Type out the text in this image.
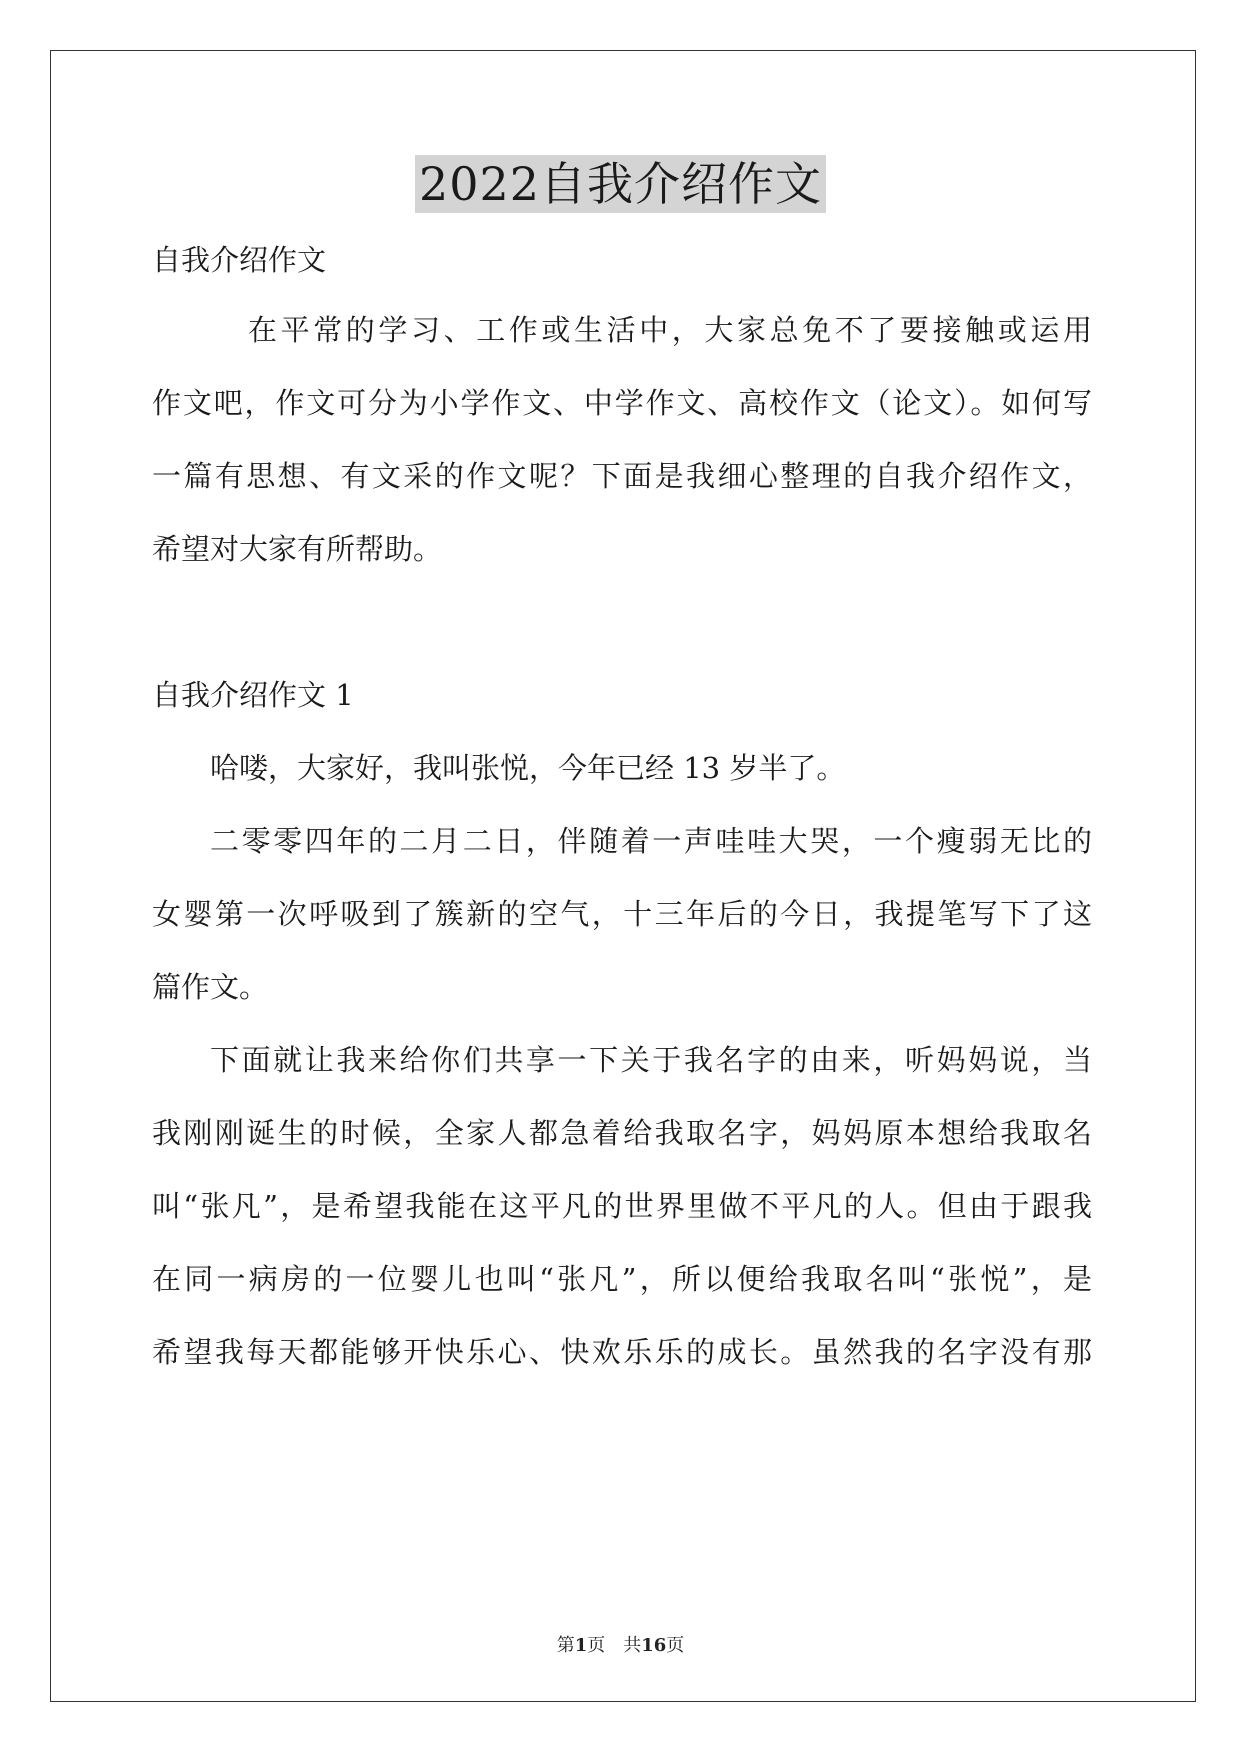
2022自我介绍作文
自我介绍作文
在平常的学习、工作或生活中，大家总免不了要接触或运用
作文吧，作文可分为小学作文、中学作文、高校作文（论文）。如何写
一篇有思想、有文采的作文呢？下面是我细心整理的自我介绍作文，
希望对大家有所帮助。
自我介绍作文 1
哈喽，大家好，我叫张悦，今年已经 13 岁半了。
二零零四年的二月二日，伴随着一声哇哇大哭，一个瘦弱无比的
女婴第一次呼吸到了簇新的空气，十三年后的今日，我提笔写下了这
篇作文。
下面就让我来给你们共享一下关于我名字的由来，听妈妈说，当
我刚刚诞生的时候，全家人都急着给我取名字，妈妈原本想给我取名
叫“张凡”，是希望我能在这平凡的世界里做不平凡的人。但由于跟我
在同一病房的一位婴儿也叫“张凡”，所以便给我取名叫“张悦”，是
希望我每天都能够开快乐心、快欢乐乐的成长。虽然我的名字没有那
第1页　共16页
